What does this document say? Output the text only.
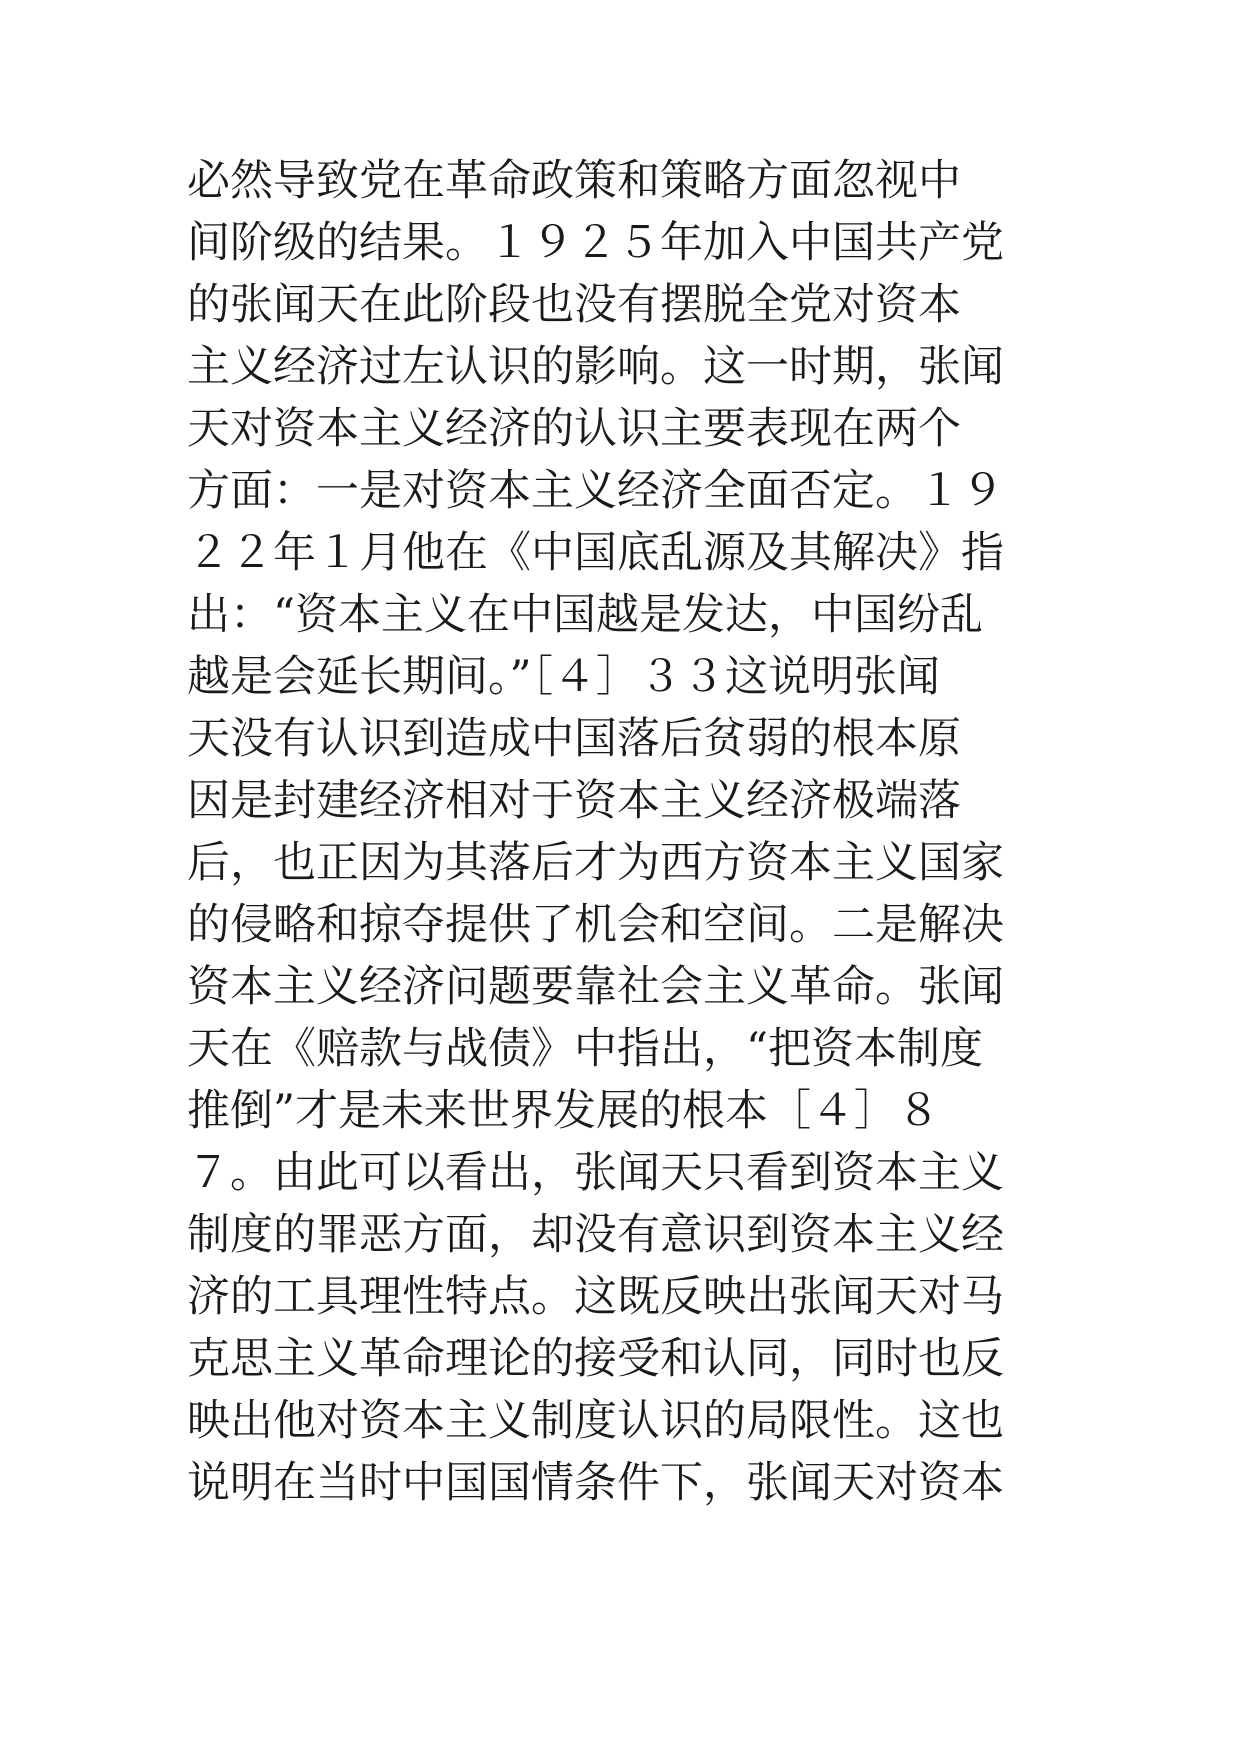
必然导致党在革命政策和策略方面忽视中
间阶级的结果。１９２５年加入中国共产党
的张闻天在此阶段也没有摆脱全党对资本
主义经济过左认识的影响。这一时期，张闻
天对资本主义经济的认识主要表现在两个
方面：一是对资本主义经济全面否定。１９
２２年１月他在《中国底乱源及其解决》指
出：“资本主义在中国越是发达，中国纷乱
越是会延长期间。”［４］３３这说明张闻
天没有认识到造成中国落后贫弱的根本原
因是封建经济相对于资本主义经济极端落
后，也正因为其落后才为西方资本主义国家
的侵略和掠夺提供了机会和空间。二是解决
资本主义经济问题要靠社会主义革命。张闻
天在《赔款与战债》中指出，“把资本制度
推倒”才是未来世界发展的根本［４］８
７。由此可以看出，张闻天只看到资本主义
制度的罪恶方面，却没有意识到资本主义经
济的工具理性特点。这既反映出张闻天对马
克思主义革命理论的接受和认同，同时也反
映出他对资本主义制度认识的局限性。这也
说明在当时中国国情条件下，张闻天对资本
